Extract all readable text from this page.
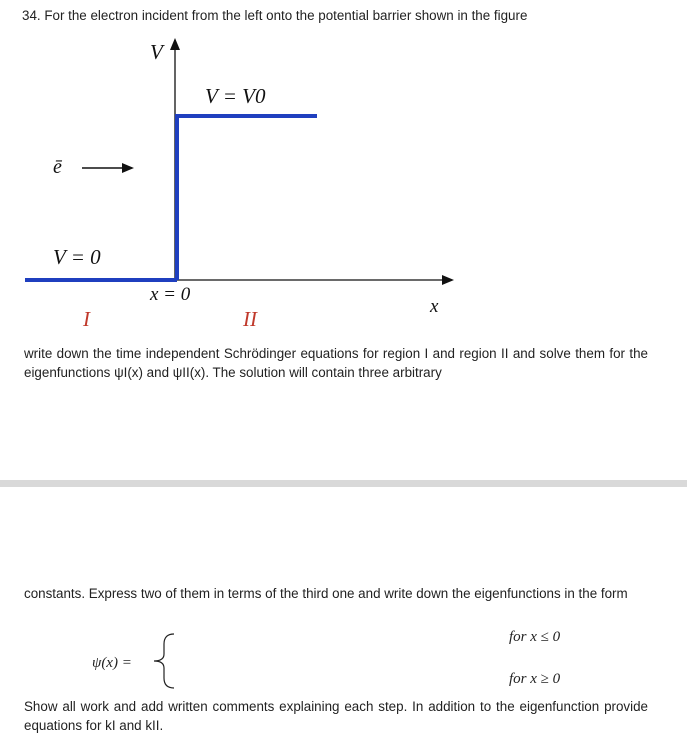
34. For the electron incident from the left onto the potential barrier shown in the figure
V
V = V0
ē
V = 0
x = 0
x
I	II
write down the time independent Schrödinger equations for region I and region II and solve them for the eigenfunctions ψI(x) and ψII(x). The solution will contain three arbitrary
constants. Express two of them in terms of the third one and write down the eigenfunctions in the form
ψ(x) =
for x ≤ 0
for x ≥ 0
Show all work and add written comments explaining each step. In addition to the eigenfunction provide equations for kI and kII.
